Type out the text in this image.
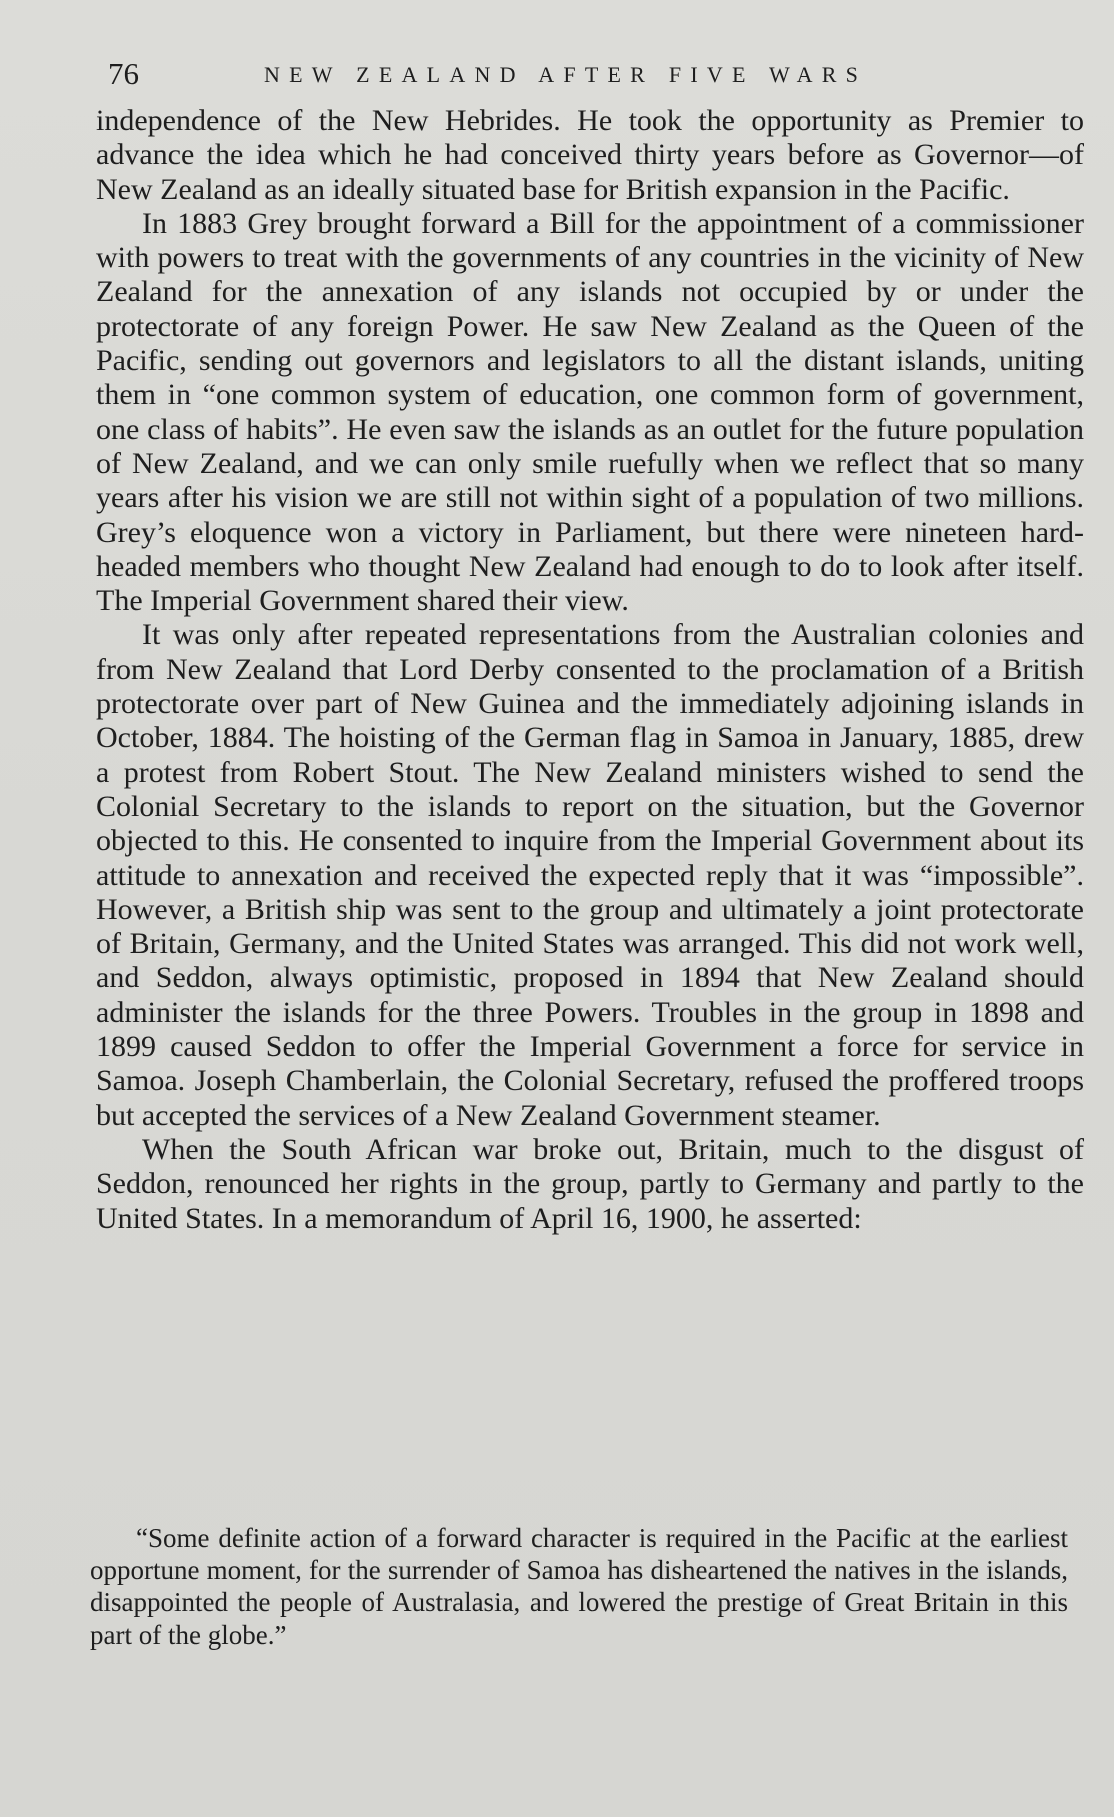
76	NEW ZEALAND AFTER FIVE WARS

independence of the New Hebrides. He took the opportunity as Premier to advance the idea which he had conceived thirty years before as Governor—of New Zealand as an ideally situated base for British expansion in the Pacific.

In 1883 Grey brought forward a Bill for the appointment of a commissioner with powers to treat with the governments of any countries in the vicinity of New Zealand for the annexation of any islands not occupied by or under the protectorate of any foreign Power. He saw New Zealand as the Queen of the Pacific, sending out governors and legislators to all the distant islands, uniting them in “one common system of education, one common form of government, one class of habits”. He even saw the islands as an outlet for the future population of New Zealand, and we can only smile ruefully when we reflect that so many years after his vision we are still not within sight of a population of two millions. Grey’s eloquence won a victory in Parliament, but there were nineteen hard-headed members who thought New Zealand had enough to do to look after itself. The Imperial Government shared their view.

It was only after repeated representations from the Australian colonies and from New Zealand that Lord Derby consented to the proclamation of a British protectorate over part of New Guinea and the immediately adjoining islands in October, 1884. The hoisting of the German flag in Samoa in January, 1885, drew a protest from Robert Stout. The New Zealand ministers wished to send the Colonial Secretary to the islands to report on the situation, but the Governor objected to this. He consented to inquire from the Imperial Government about its attitude to annexation and received the expected reply that it was “impossible”. However, a British ship was sent to the group and ultimately a joint protectorate of Britain, Germany, and the United States was arranged. This did not work well, and Seddon, always optimistic, proposed in 1894 that New Zealand should administer the islands for the three Powers. Troubles in the group in 1898 and 1899 caused Seddon to offer the Imperial Government a force for service in Samoa. Joseph Chamberlain, the Colonial Secretary, refused the proffered troops but accepted the services of a New Zealand Government steamer.

When the South African war broke out, Britain, much to the disgust of Seddon, renounced her rights in the group, partly to Germany and partly to the United States. In a memorandum of April 16, 1900, he asserted:

“Some definite action of a forward character is required in the Pacific at the earliest opportune moment, for the surrender of Samoa has disheartened the natives in the islands, disappointed the people of Australasia, and lowered the prestige of Great Britain in this part of the globe.”
